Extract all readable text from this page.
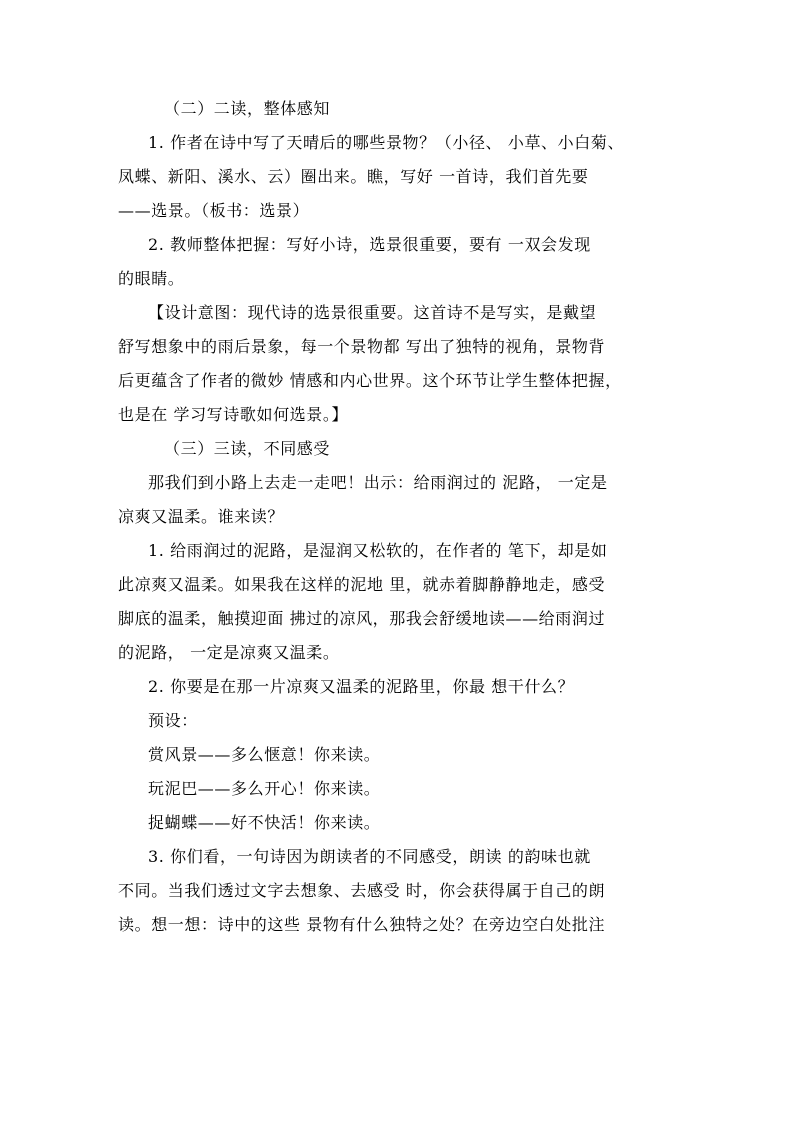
（二）二读，整体感知
1. 作者在诗中写了天晴后的哪些景物？（小径、 小草、小白菊、
凤蝶、新阳、溪水、云）圈出来。瞧，写好 一首诗，我们首先要
——选景。（板书：选景）
2. 教师整体把握：写好小诗，选景很重要，要有 一双会发现
的眼睛。
【设计意图：现代诗的选景很重要。这首诗不是写实，是戴望
舒写想象中的雨后景象，每一个景物都 写出了独特的视角，景物背
后更蕴含了作者的微妙 情感和内心世界。这个环节让学生整体把握，
也是在 学习写诗歌如何选景。】
（三）三读，不同感受
那我们到小路上去走一走吧！出示：给雨润过的 泥路， 一定是
凉爽又温柔。谁来读？
1. 给雨润过的泥路，是湿润又松软的，在作者的 笔下，却是如
此凉爽又温柔。如果我在这样的泥地 里，就赤着脚静静地走，感受
脚底的温柔，触摸迎面 拂过的凉风，那我会舒缓地读——给雨润过
的泥路， 一定是凉爽又温柔。
2. 你要是在那一片凉爽又温柔的泥路里，你最 想干什么？
预设：
赏风景——多么惬意！你来读。
玩泥巴——多么开心！你来读。
捉蝴蝶——好不快活！你来读。
3. 你们看，一句诗因为朗读者的不同感受，朗读 的韵味也就
不同。当我们透过文字去想象、去感受 时，你会获得属于自己的朗
读。想一想：诗中的这些 景物有什么独特之处？在旁边空白处批注
